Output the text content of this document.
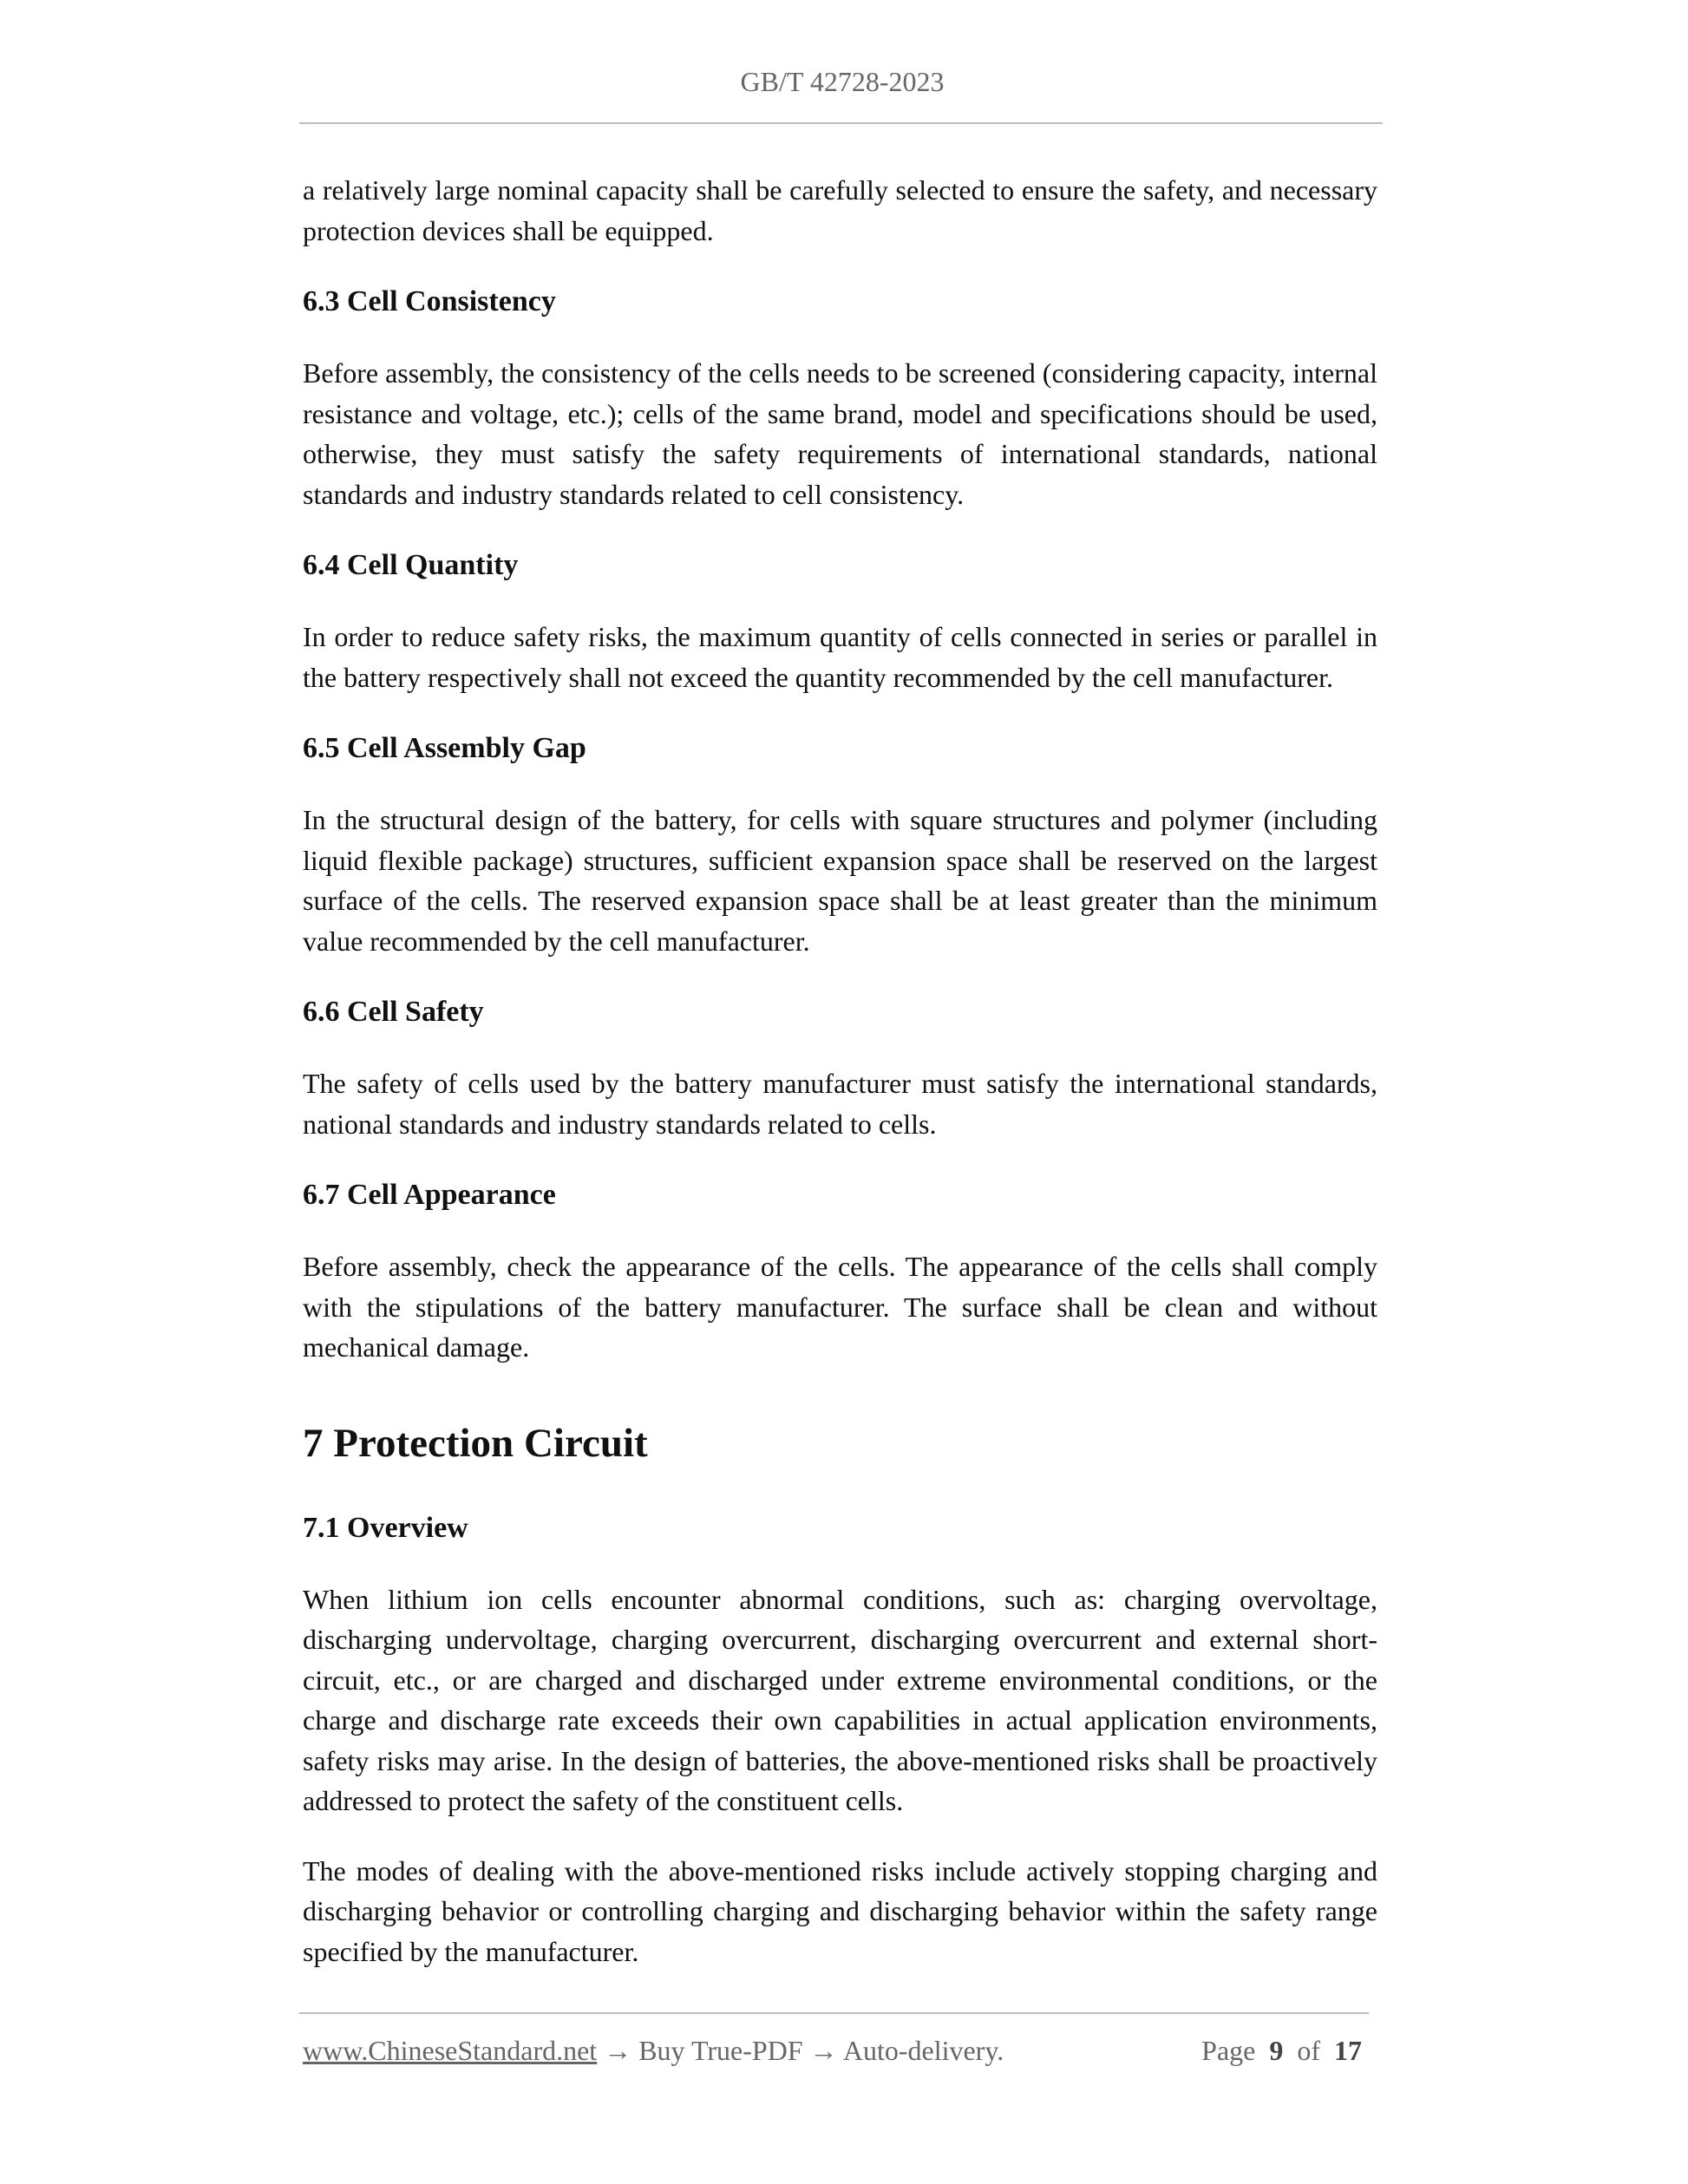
GB/T 42728-2023

a relatively large nominal capacity shall be carefully selected to ensure the safety, and necessary protection devices shall be equipped.

6.3 Cell Consistency

Before assembly, the consistency of the cells needs to be screened (considering capacity, internal resistance and voltage, etc.); cells of the same brand, model and specifications should be used, otherwise, they must satisfy the safety requirements of international standards, national standards and industry standards related to cell consistency.

6.4 Cell Quantity

In order to reduce safety risks, the maximum quantity of cells connected in series or parallel in the battery respectively shall not exceed the quantity recommended by the cell manufacturer.

6.5 Cell Assembly Gap

In the structural design of the battery, for cells with square structures and polymer (including liquid flexible package) structures, sufficient expansion space shall be reserved on the largest surface of the cells. The reserved expansion space shall be at least greater than the minimum value recommended by the cell manufacturer.

6.6 Cell Safety

The safety of cells used by the battery manufacturer must satisfy the international standards, national standards and industry standards related to cells.

6.7 Cell Appearance

Before assembly, check the appearance of the cells. The appearance of the cells shall comply with the stipulations of the battery manufacturer. The surface shall be clean and without mechanical damage.

7 Protection Circuit
7.1 Overview

When lithium ion cells encounter abnormal conditions, such as: charging overvoltage, discharging undervoltage, charging overcurrent, discharging overcurrent and external short-circuit, etc., or are charged and discharged under extreme environmental conditions, or the charge and discharge rate exceeds their own capabilities in actual application environments, safety risks may arise. In the design of batteries, the above-mentioned risks shall be proactively addressed to protect the safety of the constituent cells.

The modes of dealing with the above-mentioned risks include actively stopping charging and discharging behavior or controlling charging and discharging behavior within the safety range specified by the manufacturer.

www.ChineseStandard.net → Buy True-PDF → Auto-delivery.	Page 9 of 17
